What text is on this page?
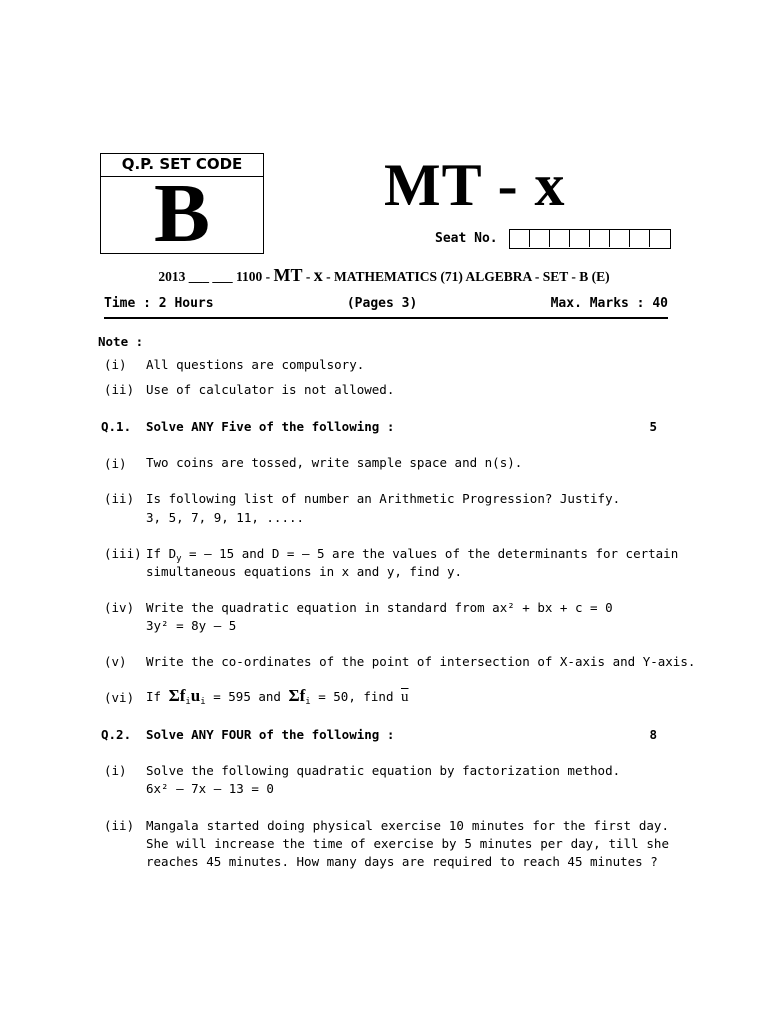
Q.P. SET CODE
B	MT - x
Seat No.
2013 ___ ___ 1100 - MT - x - MATHEMATICS (71) ALGEBRA - SET - B (E)
Time : 2 Hours	(Pages 3)	Max. Marks : 40
Note :
(i) All questions are compulsory.
(ii) Use of calculator is not allowed.
Q.1. Solve ANY Five of the following :	5
(i) Two coins are tossed, write sample space and n(s).
(ii) Is following list of number an Arithmetic Progression? Justify.
3, 5, 7, 9, 11, .....
(iii) If $D_y$ = – 15 and D = – 5 are the values of the determinants for certain
simultaneous equations in x and y, find y.
(iv) Write the quadratic equation in standard from ax² + bx + c = 0
3y² = 8y – 5
(v) Write the co-ordinates of the point of intersection of X-axis and Y-axis.
(vi) If $\Sigma f_iu_i = 595$ and $\Sigma f_i = 50$, find $\overline{u}$
Q.2. Solve ANY FOUR of the following :	8
(i) Solve the following quadratic equation by factorization method.
6x² – 7x – 13 = 0
(ii) Mangala started doing physical exercise 10 minutes for the first day. She will increase the time of exercise by 5 minutes per day, till she reaches 45 minutes. How many days are required to reach 45 minutes ?
